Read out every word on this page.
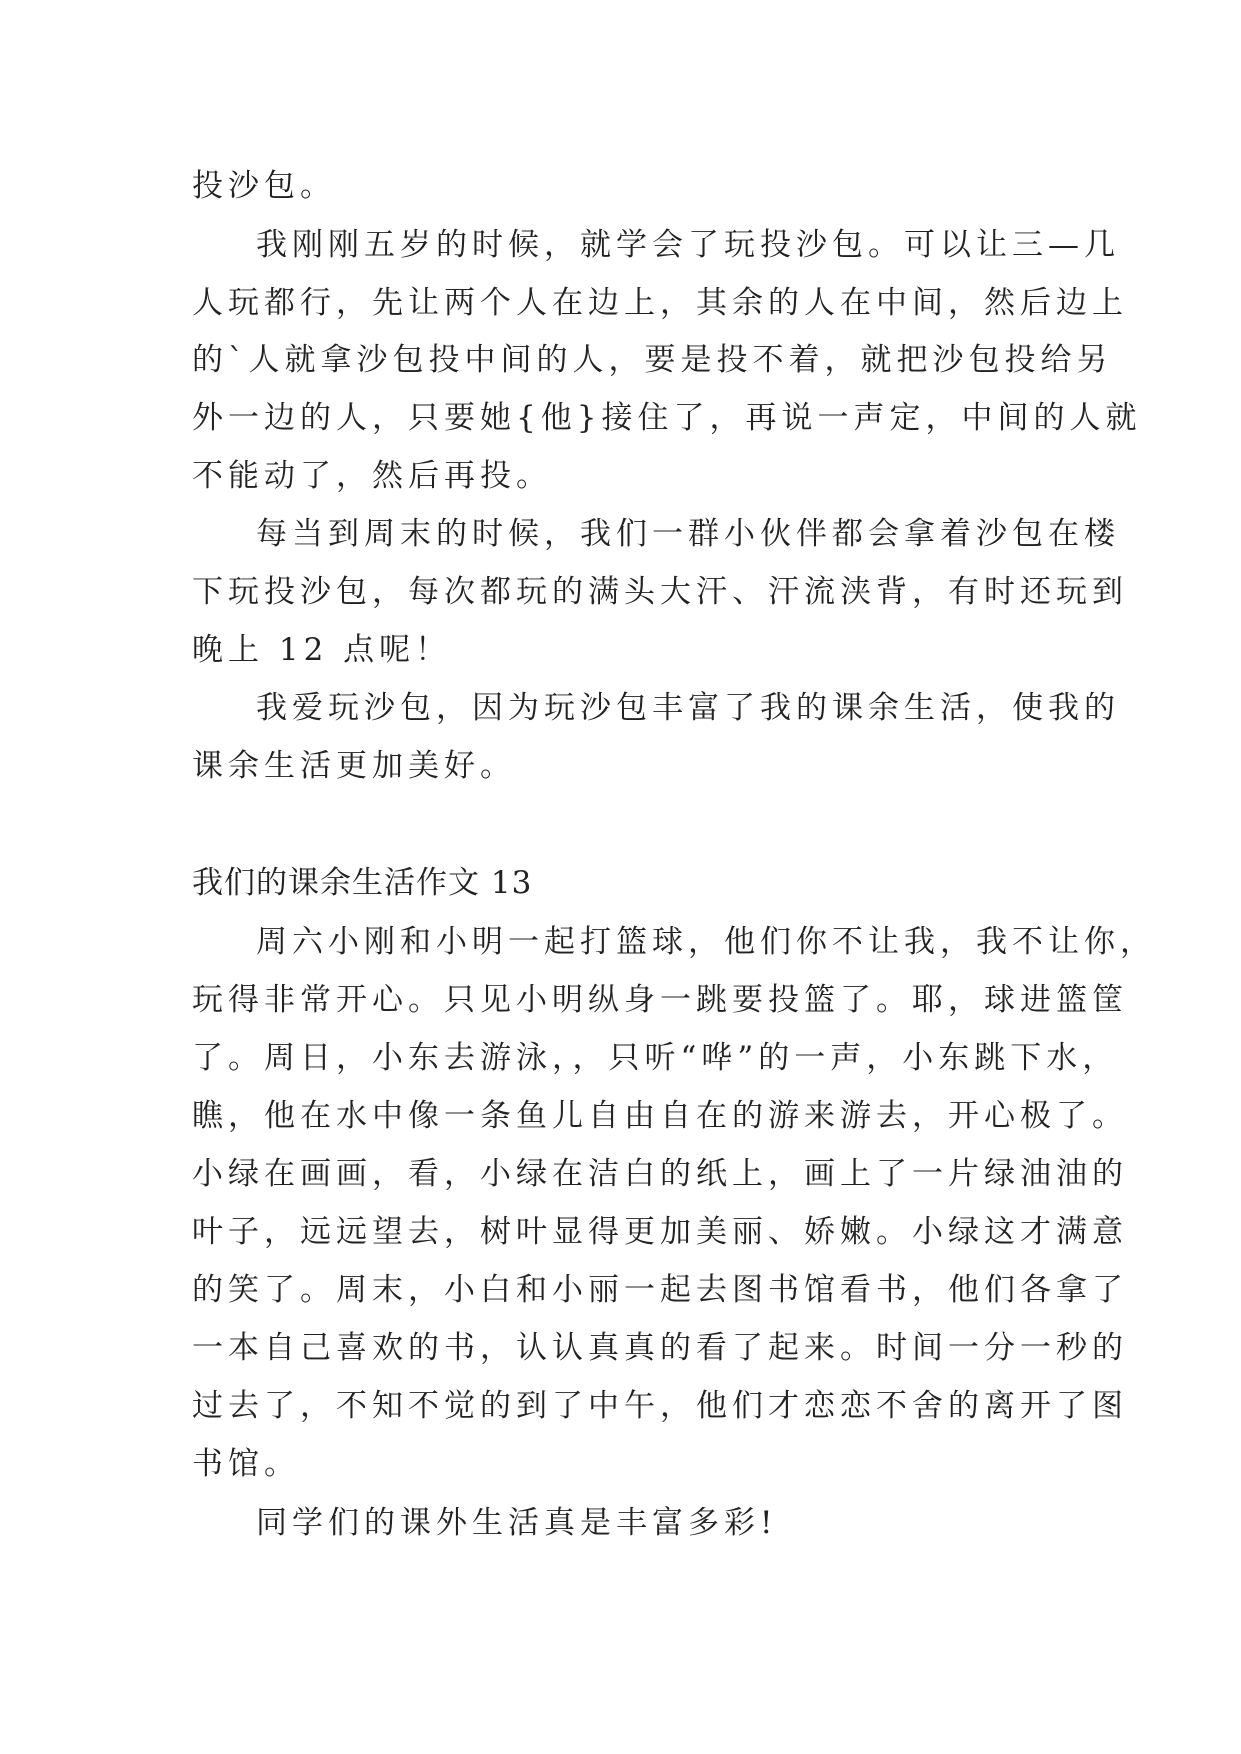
投沙包。

我刚刚五岁的时候，就学会了玩投沙包。可以让三—几

人玩都行，先让两个人在边上，其余的人在中间，然后边上

的`人就拿沙包投中间的人，要是投不着，就把沙包投给另

外一边的人，只要她{他}接住了，再说一声定，中间的人就

不能动了，然后再投。

每当到周末的时候，我们一群小伙伴都会拿着沙包在楼

下玩投沙包，每次都玩的满头大汗、汗流浃背，有时还玩到

晚上 12 点呢！

我爱玩沙包，因为玩沙包丰富了我的课余生活，使我的

课余生活更加美好。

我们的课余生活作文 13

周六小刚和小明一起打篮球，他们你不让我，我不让你，

玩得非常开心。只见小明纵身一跳要投篮了。耶，球进篮筐

了。周日，小东去游泳，，只听“哗”的一声，小东跳下水，

瞧，他在水中像一条鱼儿自由自在的游来游去，开心极了。

小绿在画画，看，小绿在洁白的纸上，画上了一片绿油油的

叶子，远远望去，树叶显得更加美丽、娇嫩。小绿这才满意

的笑了。周末，小白和小丽一起去图书馆看书，他们各拿了

一本自己喜欢的书，认认真真的看了起来。时间一分一秒的

过去了，不知不觉的到了中午，他们才恋恋不舍的离开了图

书馆。

同学们的课外生活真是丰富多彩!
